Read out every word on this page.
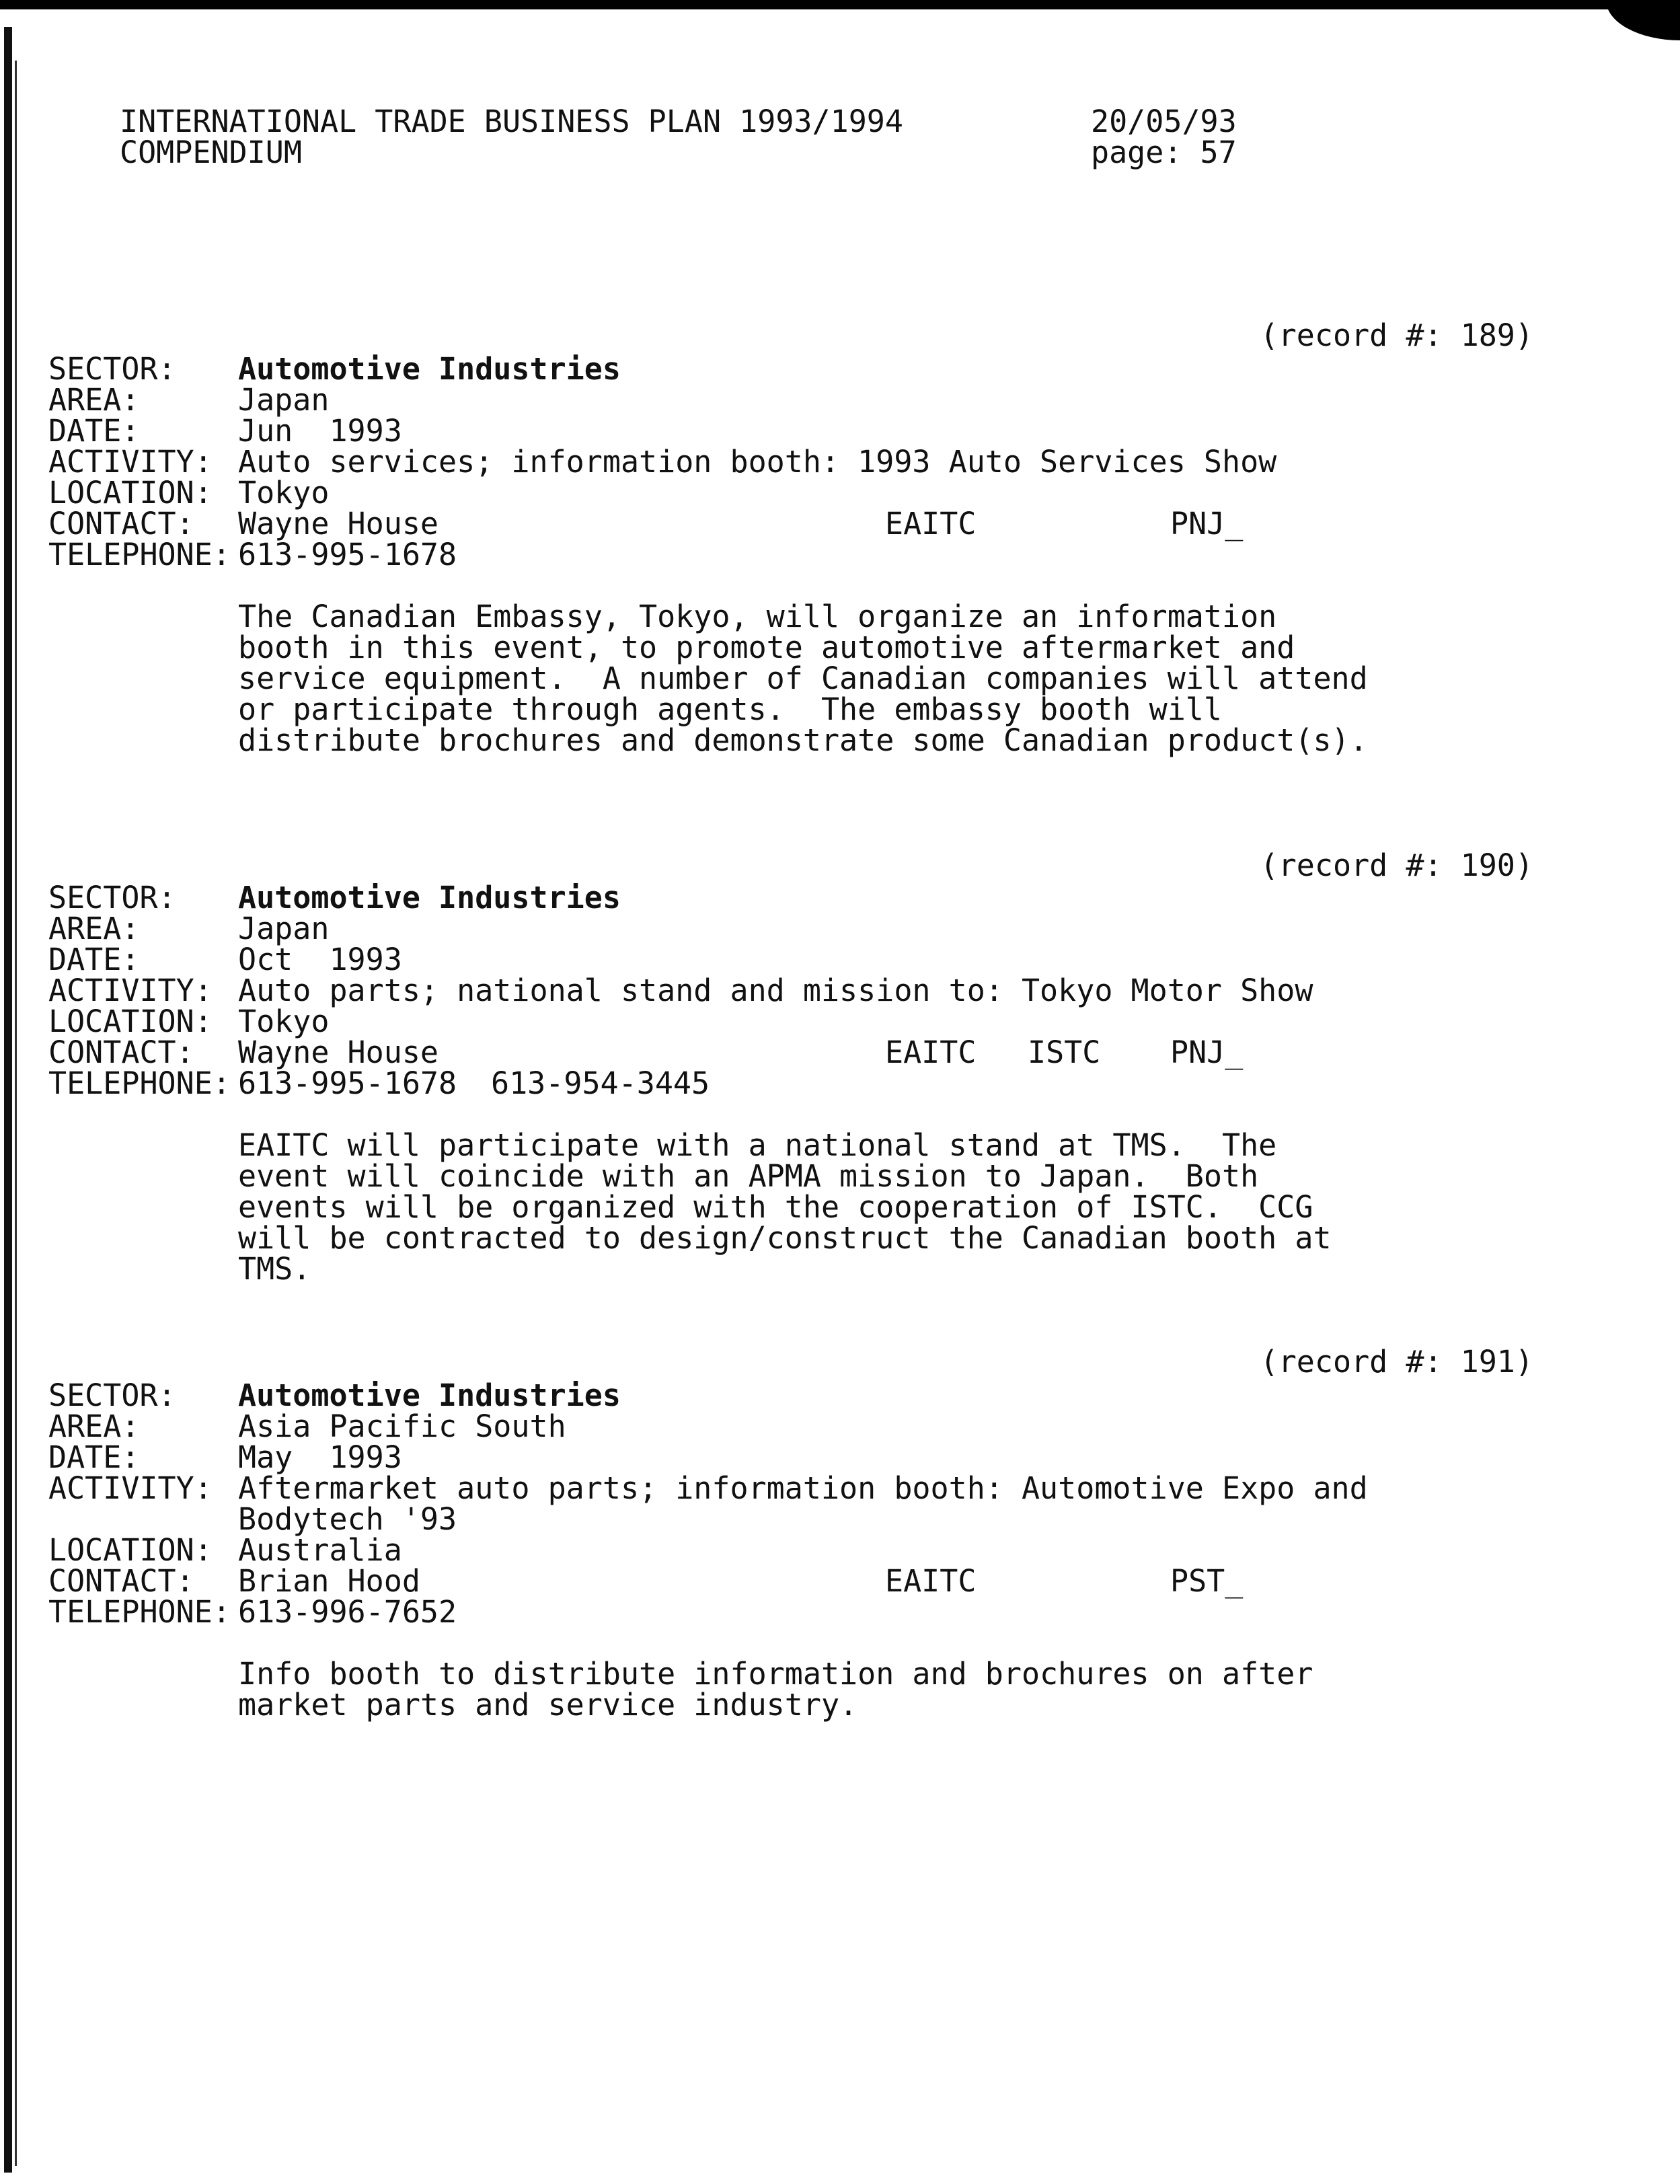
INTERNATIONAL TRADE BUSINESS PLAN 1993/1994
COMPENDIUM
20/05/93
page: 57
(record #: 189)
SECTOR: Automotive Industries
AREA:	Japan
DATE:	Jun  1993
ACTIVITY: Auto services; information booth: 1993 Auto Services Show
LOCATION: Tokyo
CONTACT: Wayne House	EAITC	PNJ_
TELEPHONE: 613-995-1678
The Canadian Embassy, Tokyo, will organize an information
booth in this event, to promote automotive aftermarket and
service equipment.  A number of Canadian companies will attend
or participate through agents.  The embassy booth will
distribute brochures and demonstrate some Canadian product(s).
(record #: 190)
SECTOR: Automotive Industries
AREA:	Japan
DATE:	Oct  1993
ACTIVITY: Auto parts; national stand and mission to: Tokyo Motor Show
LOCATION: Tokyo
CONTACT: Wayne House	EAITC ISTC PNJ_
TELEPHONE: 613-995-1678 613-954-3445
EAITC will participate with a national stand at TMS.  The
event will coincide with an APMA mission to Japan.  Both
events will be organized with the cooperation of ISTC.  CCG
will be contracted to design/construct the Canadian booth at
TMS.
(record #: 191)
SECTOR: Automotive Industries
AREA:	Asia Pacific South
DATE:	May  1993
ACTIVITY: Aftermarket auto parts; information booth: Automotive Expo and
Bodytech '93
LOCATION: Australia
CONTACT: Brian Hood	EAITC	PST_
TELEPHONE: 613-996-7652
Info booth to distribute information and brochures on after
market parts and service industry.
